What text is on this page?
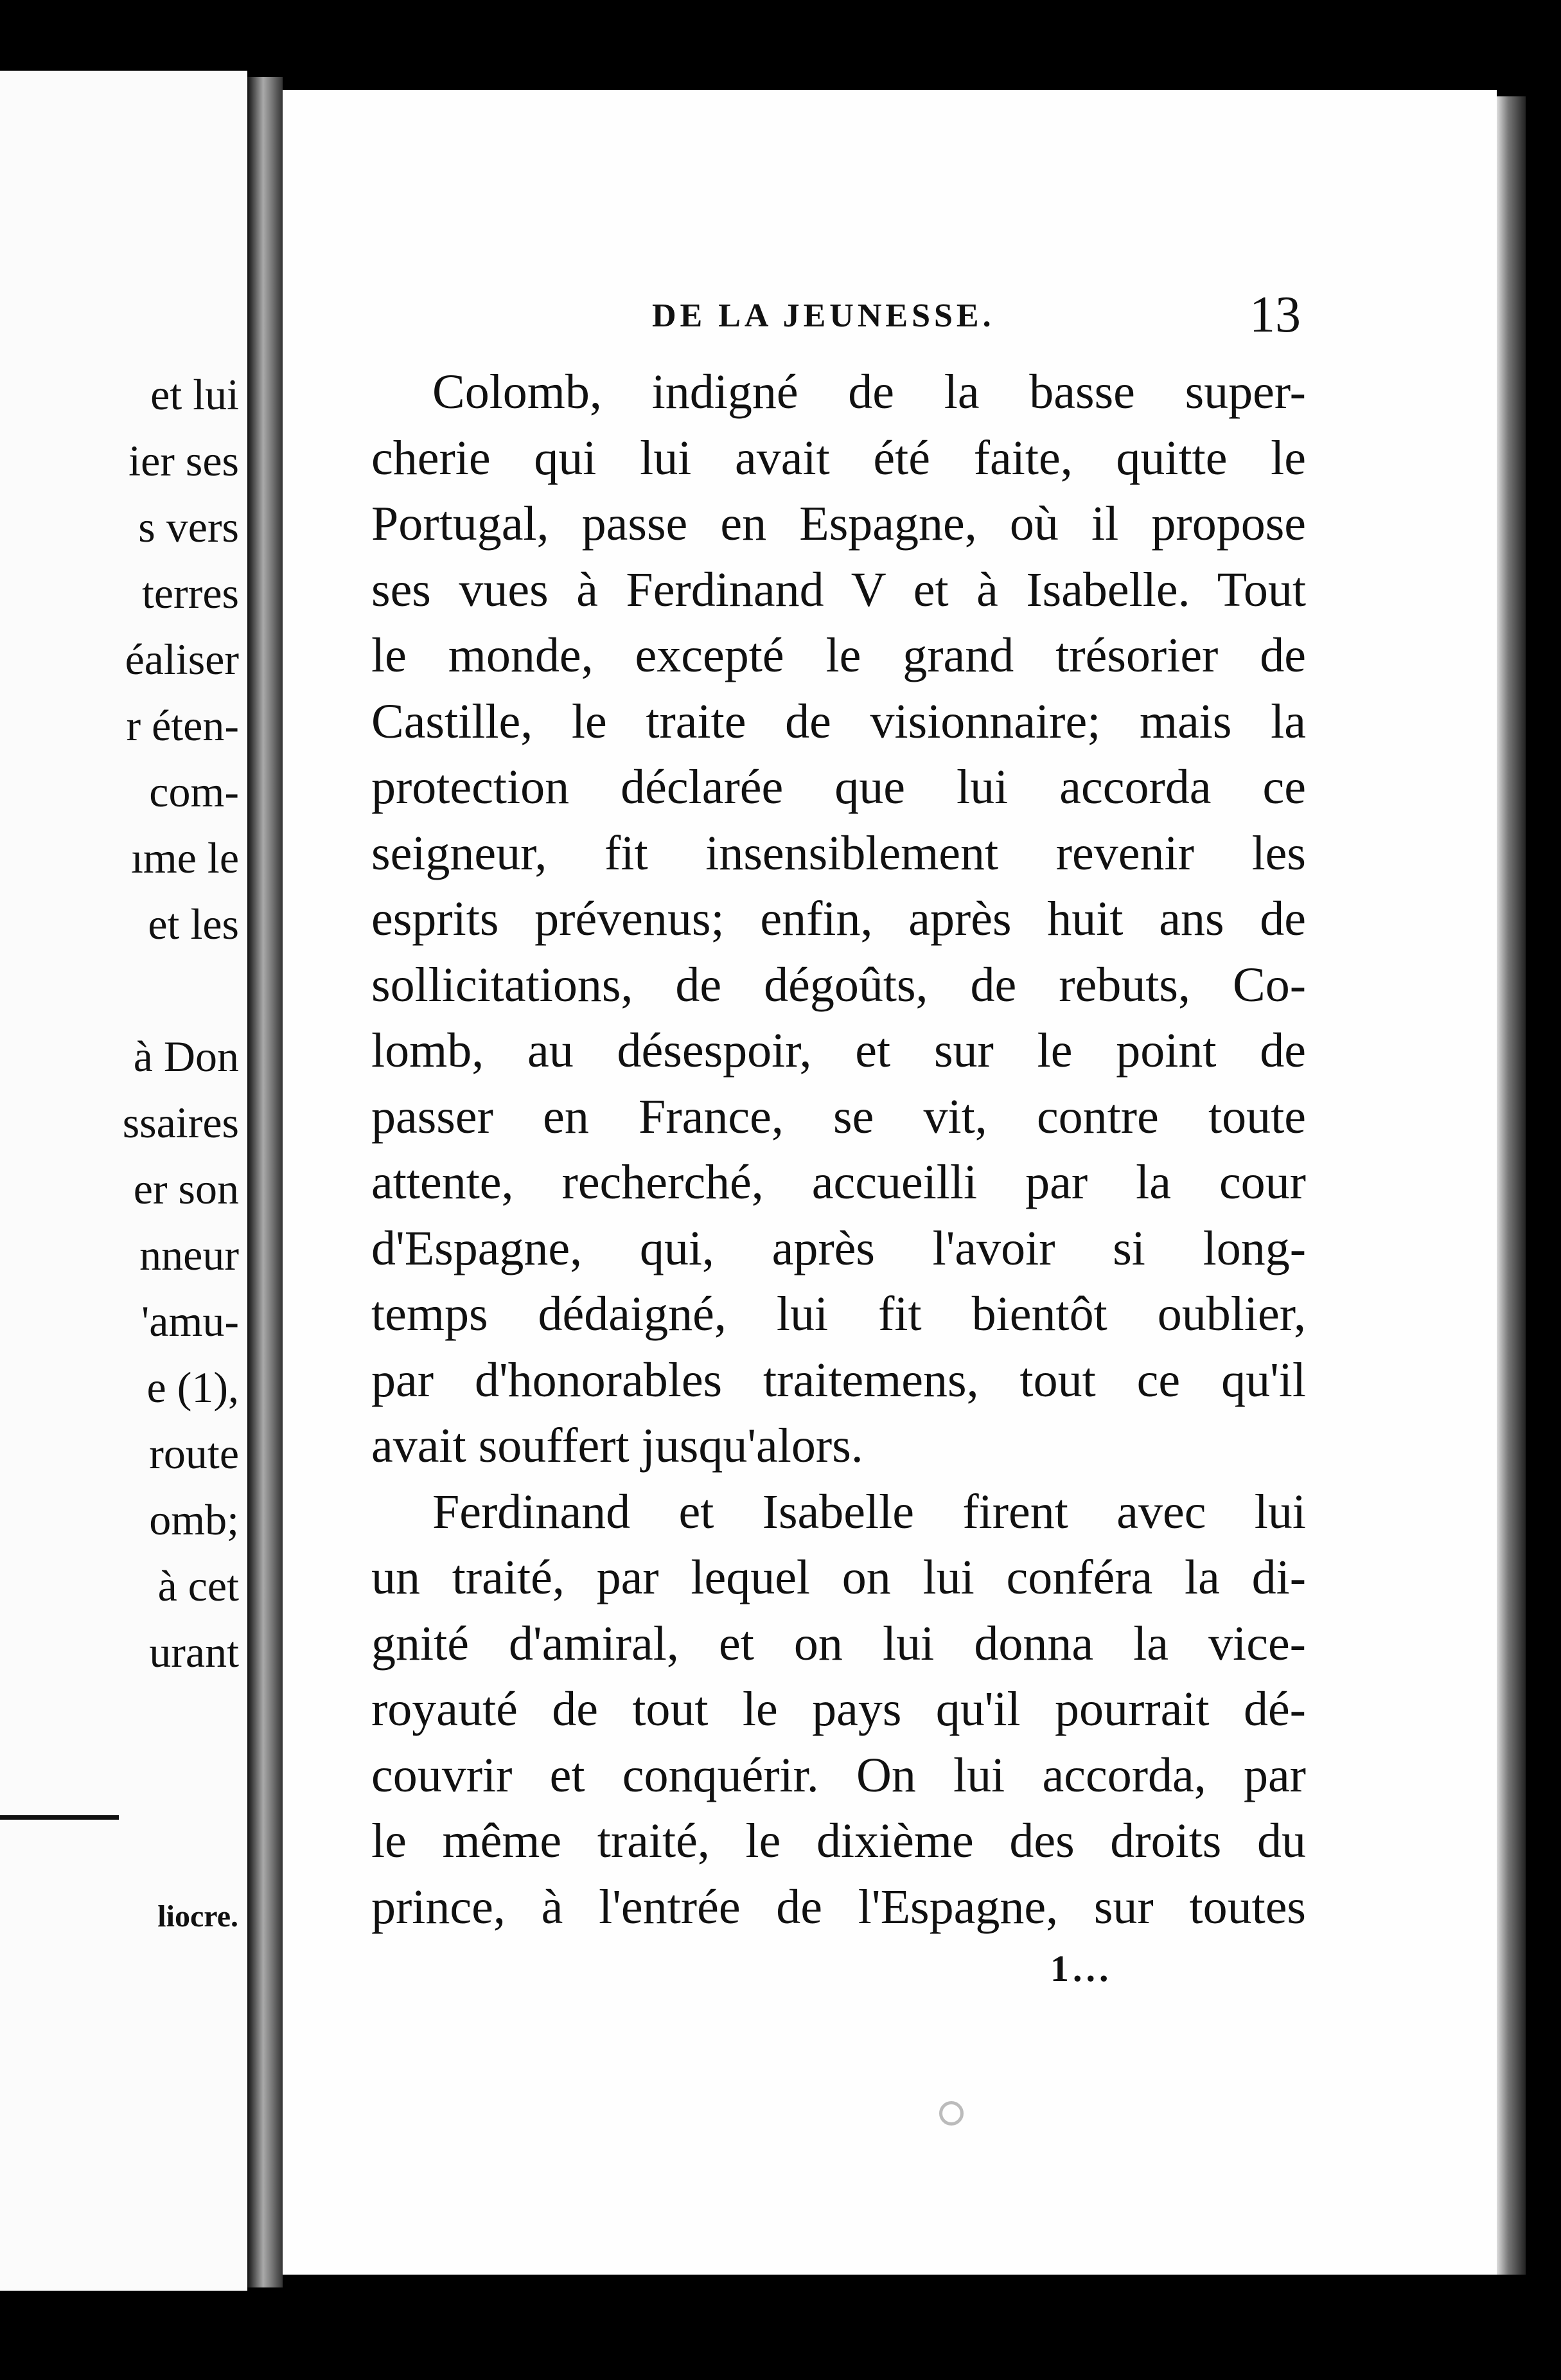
et lui
ier ses
s vers
terres
éaliser
r éten-
com-
ıme le
et les
à Don
ssaires
er son
nneur
'amu-
e (1),
route
omb;
à cet
urant
liocre.
DE LA JEUNESSE.	13
Colomb, indigné de la basse super-
cherie qui lui avait été faite, quitte le
Portugal, passe en Espagne, où il propose
ses vues à Ferdinand V et à Isabelle. Tout
le monde, excepté le grand trésorier de
Castille, le traite de visionnaire; mais la
protection déclarée que lui accorda ce
seigneur, fit insensiblement revenir les
esprits prévenus; enfin, après huit ans de
sollicitations, de dégoûts, de rebuts, Co-
lomb, au désespoir, et sur le point de
passer en France, se vit, contre toute
attente, recherché, accueilli par la cour
d'Espagne, qui, après l'avoir si long-
temps dédaigné, lui fit bientôt oublier,
par d'honorables traitemens, tout ce qu'il
avait souffert jusqu'alors.
Ferdinand et Isabelle firent avec lui
un traité, par lequel on lui conféra la di-
gnité d'amiral, et on lui donna la vice-
royauté de tout le pays qu'il pourrait dé-
couvrir et conquérir. On lui accorda, par
le même traité, le dixième des droits du
prince, à l'entrée de l'Espagne, sur toutes
1...
